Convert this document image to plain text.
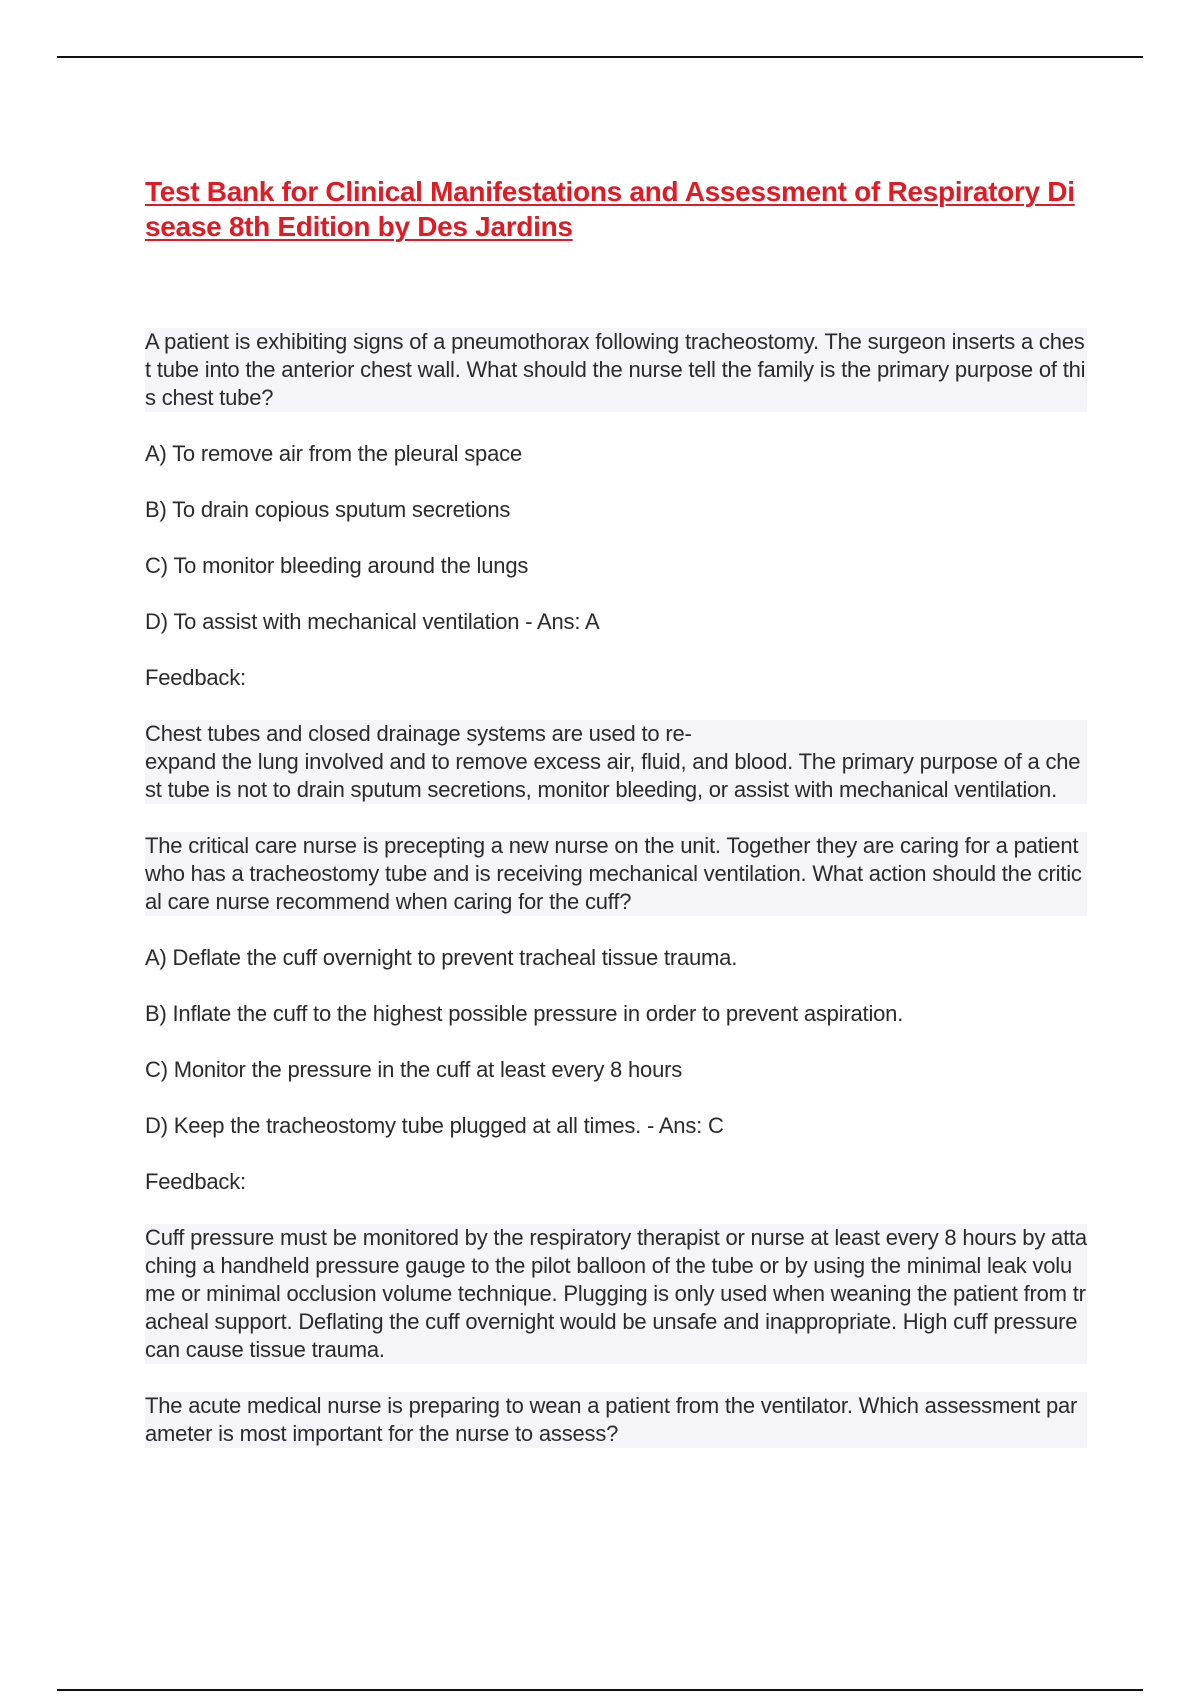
Test Bank for Clinical Manifestations and Assessment of Respiratory Disease 8th Edition by Des Jardins

A patient is exhibiting signs of a pneumothorax following tracheostomy. The surgeon inserts a chest tube into the anterior chest wall. What should the nurse tell the family is the primary purpose of this chest tube?

A) To remove air from the pleural space

B) To drain copious sputum secretions

C) To monitor bleeding around the lungs

D) To assist with mechanical ventilation - Ans: A

Feedback:

Chest tubes and closed drainage systems are used to re-
expand the lung involved and to remove excess air, fluid, and blood. The primary purpose of a chest tube is not to drain sputum secretions, monitor bleeding, or assist with mechanical ventilation.

The critical care nurse is precepting a new nurse on the unit. Together they are caring for a patient who has a tracheostomy tube and is receiving mechanical ventilation. What action should the critical care nurse recommend when caring for the cuff?

A) Deflate the cuff overnight to prevent tracheal tissue trauma.

B) Inflate the cuff to the highest possible pressure in order to prevent aspiration.

C) Monitor the pressure in the cuff at least every 8 hours

D) Keep the tracheostomy tube plugged at all times. - Ans: C

Feedback:

Cuff pressure must be monitored by the respiratory therapist or nurse at least every 8 hours by attaching a handheld pressure gauge to the pilot balloon of the tube or by using the minimal leak volume or minimal occlusion volume technique. Plugging is only used when weaning the patient from tracheal support. Deflating the cuff overnight would be unsafe and inappropriate. High cuff pressure can cause tissue trauma.

The acute medical nurse is preparing to wean a patient from the ventilator. Which assessment parameter is most important for the nurse to assess?
